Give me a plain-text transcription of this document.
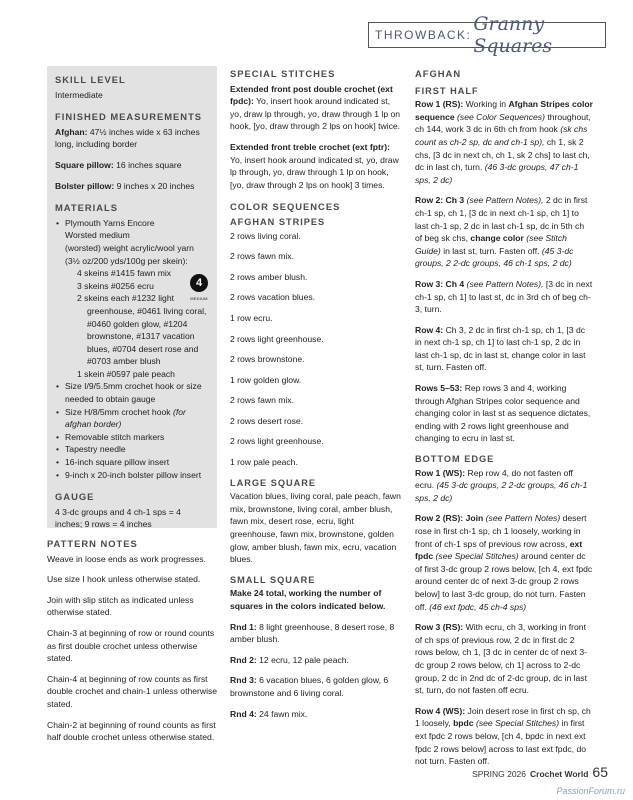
THROWBACK: Granny Squares
SKILL LEVEL

Intermediate

FINISHED MEASUREMENTS

Afghan: 47½ inches wide x 63 inches long, including border

Square pillow: 16 inches square

Bolster pillow: 9 inches x 20 inches

MATERIALS
• Plymouth Yarns Encore
Worsted medium
(worsted) weight acrylic/wool yarn
(3½ oz/200 yds/100g per skein):
4 skeins #1415 fawn mix
3 skeins #0256 ecru
2 skeins each #1232 light
greenhouse, #0461 living coral,
#0460 golden glow, #1204
brownstone, #1317 vacation
blues, #0704 desert rose and
#0703 amber blush
1 skein #0597 pale peach
• Size I/9/5.5mm crochet hook or size needed to obtain gauge
• Size H/8/5mm crochet hook (for afghan border)
• Removable stitch markers
• Tapestry needle
• 16-inch square pillow insert
• 9-inch x 20-inch bolster pillow insert
4
MEDIUM
GAUGE

4 3-dc groups and 4 ch-1 sps = 4 inches; 9 rows = 4 inches

PATTERN NOTES

Weave in loose ends as work progresses.

Use size I hook unless otherwise stated.

Join with slip stitch as indicated unless otherwise stated.

Chain-3 at beginning of row or round counts as first double crochet unless otherwise stated.

Chain-4 at beginning of row counts as first double crochet and chain-1 unless otherwise stated.

Chain-2 at beginning of round counts as first half double crochet unless otherwise stated.

SPECIAL STITCHES

Extended front post double crochet (ext fpdc): Yo, insert hook around indicated st, yo, draw lp through, yo, draw through 1 lp on hook, [yo, draw through 2 lps on hook] twice.

Extended front treble crochet (ext fptr): Yo, insert hook around indicated st, yo, draw lp through, yo, draw through 1 lp on hook, [yo, draw through 2 lps on hook] 3 times.

COLOR SEQUENCES
AFGHAN STRIPES

2 rows living coral.

2 rows fawn mix.

2 rows amber blush.

2 rows vacation blues.

1 row ecru.

2 rows light greenhouse.

2 rows brownstone.

1 row golden glow.

2 rows fawn mix.

2 rows desert rose.

2 rows light greenhouse.

1 row pale peach.

LARGE SQUARE

Vacation blues, living coral, pale peach, fawn mix, brownstone, living coral, amber blush, fawn mix, desert rose, ecru, light greenhouse, fawn mix, brownstone, golden glow, amber blush, fawn mix, ecru, vacation blues.

SMALL SQUARE

Make 24 total, working the number of squares in the colors indicated below.

Rnd 1: 8 light greenhouse, 8 desert rose, 8 amber blush.

Rnd 2: 12 ecru, 12 pale peach.

Rnd 3: 6 vacation blues, 6 golden glow, 6 brownstone and 6 living coral.

Rnd 4: 24 fawn mix.

AFGHAN
FIRST HALF

Row 1 (RS): Working in Afghan Stripes color sequence (see Color Sequences) throughout, ch 144, work 3 dc in 6th ch from hook (sk chs count as ch-2 sp, dc and ch-1 sp), ch 1, sk 2 chs, [3 dc in next ch, ch 1, sk 2 chs] to last ch, dc in last ch, turn. (46 3-dc groups, 47 ch-1 sps, 2 dc)

Row 2: Ch 3 (see Pattern Notes), 2 dc in first ch-1 sp, ch 1, [3 dc in next ch-1 sp, ch 1] to last ch-1 sp, 2 dc in last ch-1 sp, dc in 5th ch of beg sk chs, change color (see Stitch Guide) in last st, turn. Fasten off. (45 3-dc groups, 2 2-dc groups, 46 ch-1 sps, 2 dc)

Row 3: Ch 4 (see Pattern Notes), [3 dc in next ch-1 sp, ch 1] to last st, dc in 3rd ch of beg ch-3, turn.

Row 4: Ch 3, 2 dc in first ch-1 sp, ch 1, [3 dc in next ch-1 sp, ch 1] to last ch-1 sp, 2 dc in last ch-1 sp, dc in last st, change color in last st, turn. Fasten off.

Rows 5–53: Rep rows 3 and 4, working through Afghan Stripes color sequence and changing color in last st as sequence dictates, ending with 2 rows light greenhouse and changing to ecru in last st.

BOTTOM EDGE

Row 1 (WS): Rep row 4, do not fasten off ecru. (45 3-dc groups, 2 2-dc groups, 46 ch-1 sps, 2 dc)

Row 2 (RS): Join (see Pattern Notes) desert rose in first ch-1 sp, ch 1 loosely, working in front of ch-1 sps of previous row across, ext fpdc (see Special Stitches) around center dc of first 3-dc group 2 rows below, [ch 4, ext fpdc around center dc of next 3-dc group 2 rows below] to last 3-dc group, do not turn. Fasten off. (46 ext fpdc, 45 ch-4 sps)

Row 3 (RS): With ecru, ch 3, working in front of ch sps of previous row, 2 dc in first dc 2 rows below, ch 1, [3 dc in center dc of next 3-dc group 2 rows below, ch 1] across to 2-dc group, 2 dc in 2nd dc of 2-dc group, dc in last st, turn, do not fasten off ecru.

Row 4 (WS): Join desert rose in first ch sp, ch 1 loosely, bpdc (see Special Stitches) in first ext fpdc 2 rows below, [ch 4, bpdc in next ext fpdc 2 rows below] across to last ext fpdc, do not turn. Fasten off.

SPRING 2026 Crochet World 65
PassionForum.ru
